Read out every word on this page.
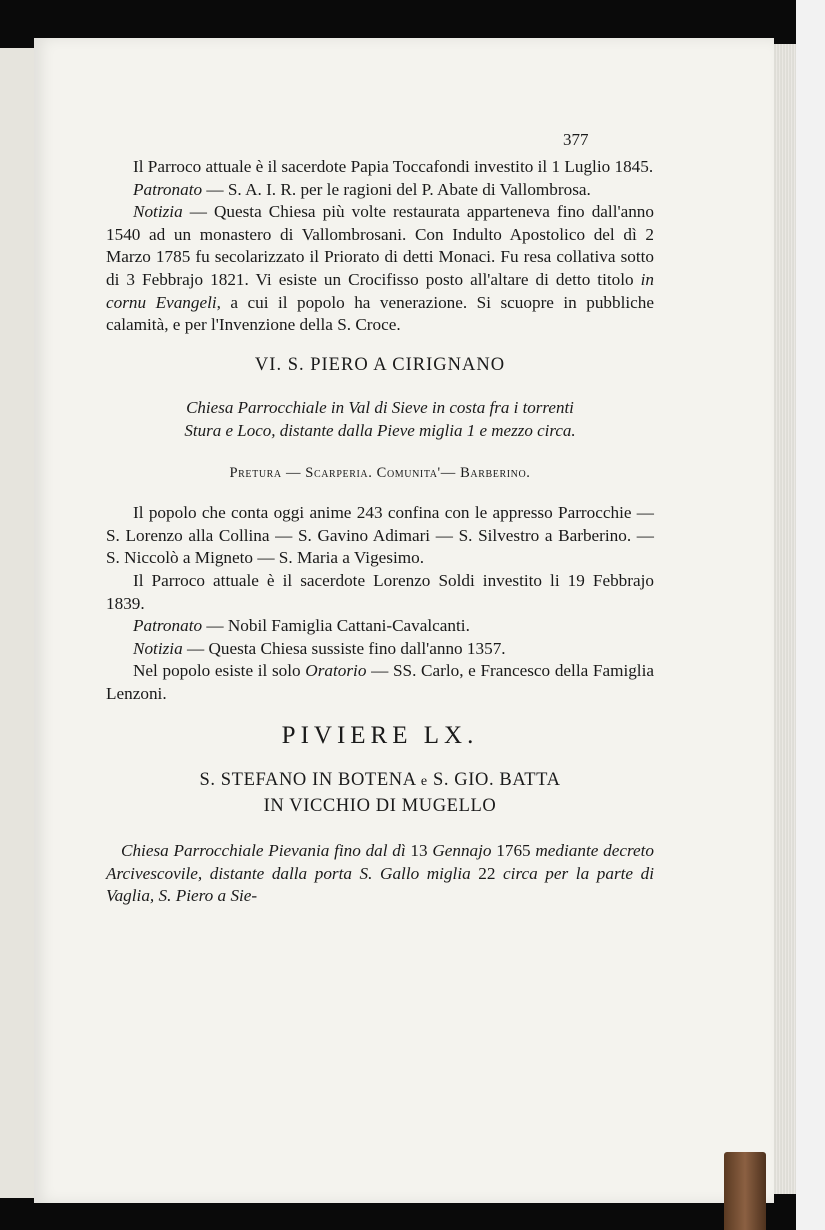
377

Il Parroco attuale è il sacerdote Papia Toccafondi investito il 1 Luglio 1845.

Patronato — S. A. I. R. per le ragioni del P. Abate di Vallombrosa.

Notizia — Questa Chiesa più volte restaurata apparteneva fino dall'anno 1540 ad un monastero di Vallombrosani. Con Indulto Apostolico del dì 2 Marzo 1785 fu secolarizzato il Priorato di detti Monaci. Fu resa collativa sotto di 3 Febbrajo 1821. Vi esiste un Crocifisso posto all'altare di detto titolo in cornu Evangeli, a cui il popolo ha venerazione. Si scuopre in pubbliche calamità, e per l'Invenzione della S. Croce.

VI. S. PIERO A CIRIGNANO
Chiesa Parrocchiale in Val di Sieve in costa fra i torrenti
Stura e Loco, distante dalla Pieve miglia 1 e mezzo circa.
Pretura — Scarperia. Comunita'— Barberino.

Il popolo che conta oggi anime 243 confina con le appresso Parrocchie — S. Lorenzo alla Collina — S. Gavino Adimari — S. Silvestro a Barberino. — S. Niccolò a Migneto — S. Maria a Vigesimo.

Il Parroco attuale è il sacerdote Lorenzo Soldi investito li 19 Febbrajo 1839.

Patronato — Nobil Famiglia Cattani-Cavalcanti.

Notizia — Questa Chiesa sussiste fino dall'anno 1357.

Nel popolo esiste il solo Oratorio — SS. Carlo, e Francesco della Famiglia Lenzoni.

PIVIERE LX.
S. STEFANO IN BOTENA e S. GIO. BATTA
IN VICCHIO DI MUGELLO

Chiesa Parrocchiale Pievania fino dal dì 13 Gennajo 1765 mediante decreto Arcivescovile, distante dalla porta S. Gallo miglia 22 circa per la parte di Vaglia, S. Piero a Sie-
